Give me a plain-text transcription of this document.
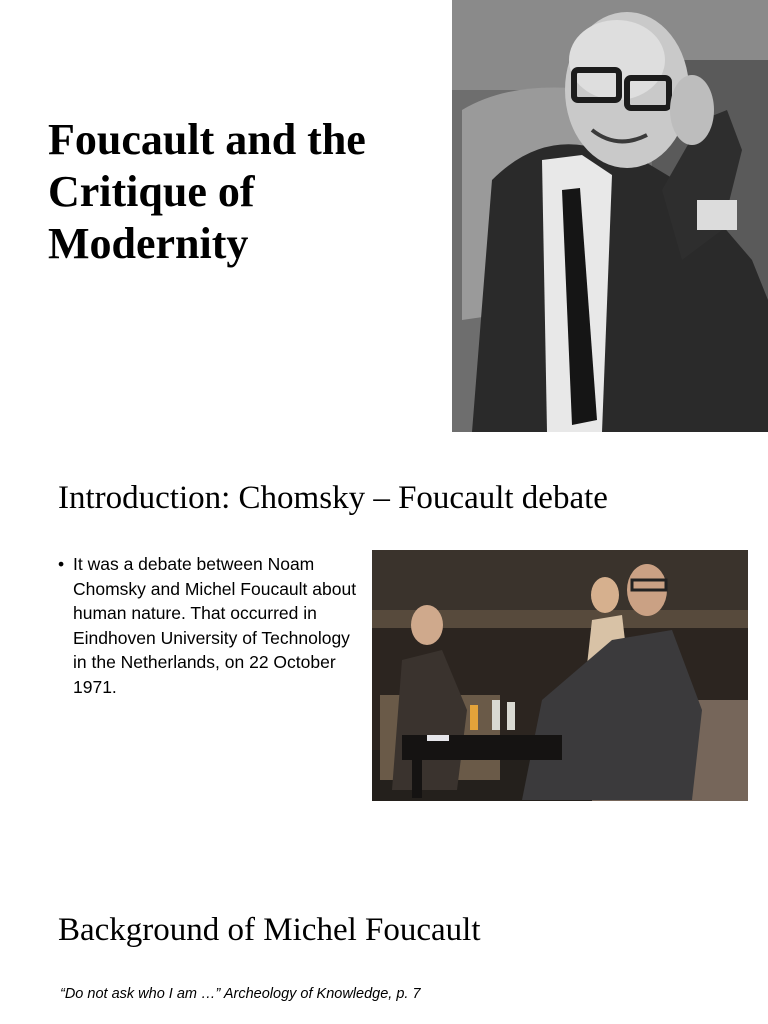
Foucault and the Critique of Modernity
Introduction: Chomsky – Foucault debate
• It was a debate between Noam Chomsky and Michel Foucault about human nature. That occurred in Eindhoven University of Technology in the Netherlands, on 22 October 1971.
Background of Michel Foucault
“Do not ask who I am …” Archeology of Knowledge, p. 7
